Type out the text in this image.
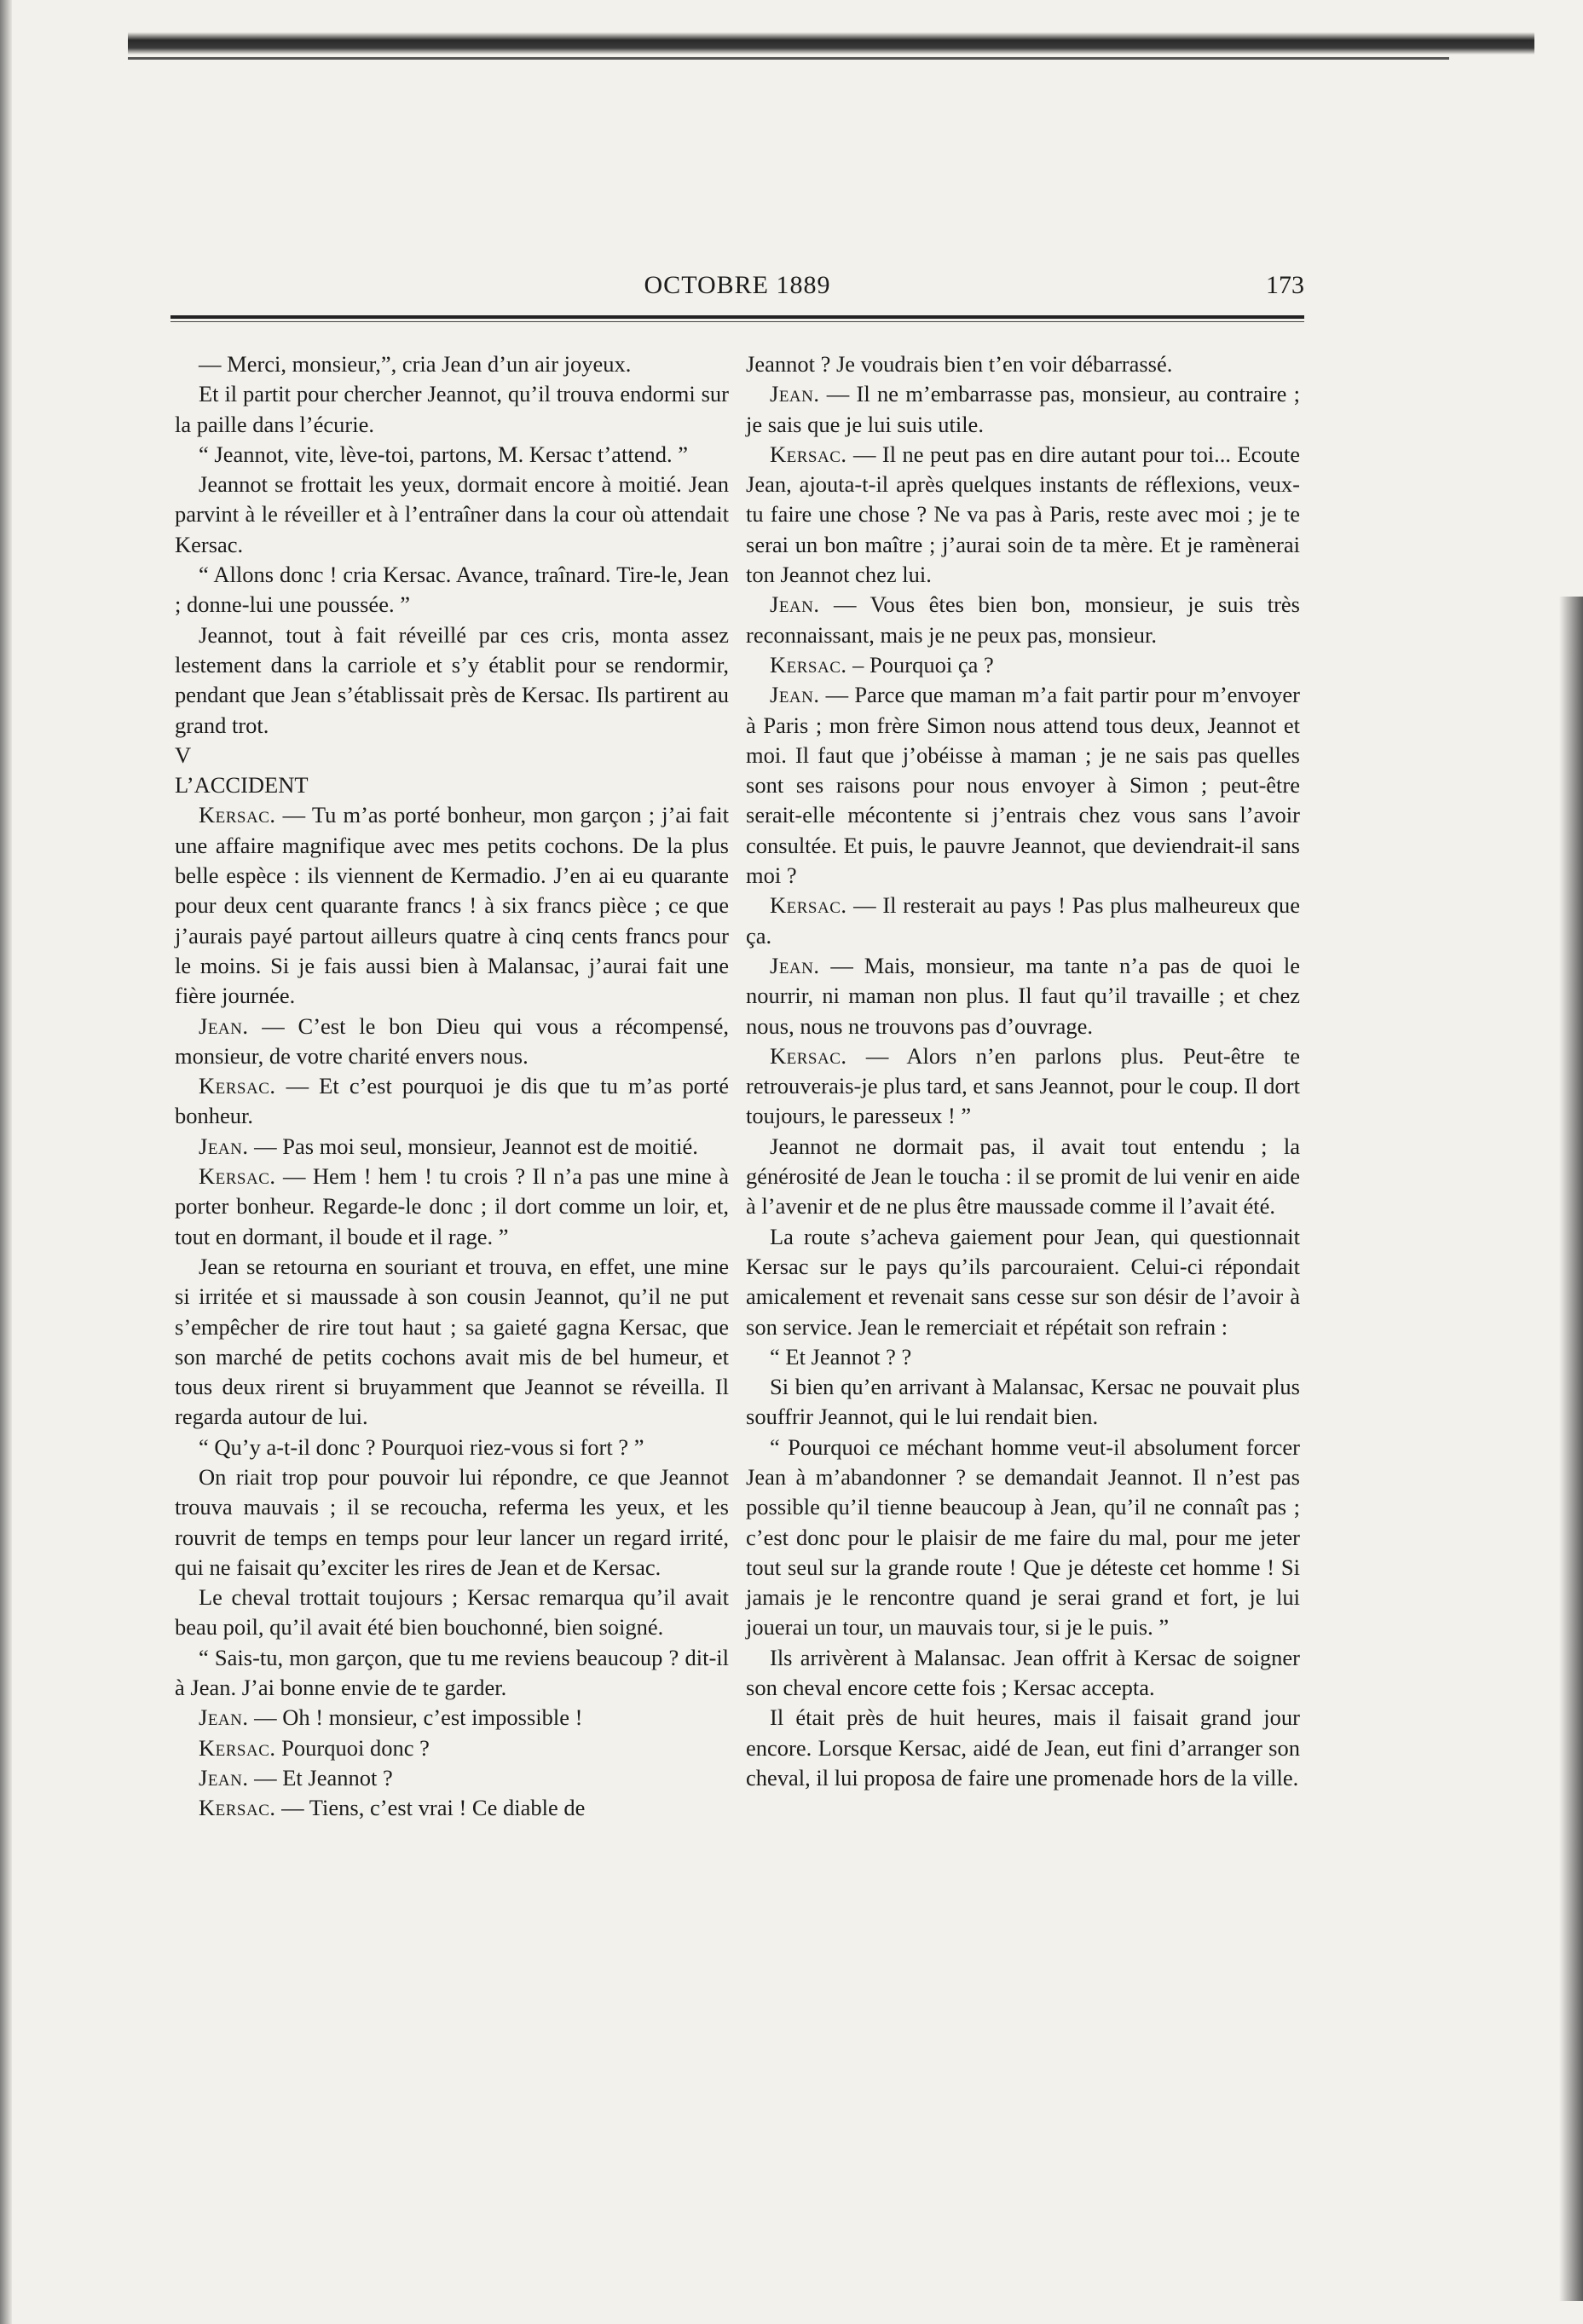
OCTOBRE 1889	173

— Merci, monsieur,”, cria Jean d’un air joyeux.

Et il partit pour chercher Jeannot, qu’il trouva endormi sur la paille dans l’écurie.

“ Jeannot, vite, lève-toi, partons, M. Kersac t’attend. ”

Jeannot se frottait les yeux, dormait encore à moitié. Jean parvint à le réveiller et à l’entraîner dans la cour où attendait Kersac.

“ Allons donc ! cria Kersac. Avance, traînard. Tire-le, Jean ; donne-lui une poussée. ”

Jeannot, tout à fait réveillé par ces cris, monta assez lestement dans la carriole et s’y établit pour se rendormir, pendant que Jean s’établissait près de Kersac. Ils partirent au grand trot.

V

L’ACCIDENT

Kersac. — Tu m’as porté bonheur, mon garçon ; j’ai fait une affaire magnifique avec mes petits cochons. De la plus belle espèce : ils viennent de Kermadio. J’en ai eu quarante pour deux cent quarante francs ! à six francs pièce ; ce que j’aurais payé partout ailleurs quatre à cinq cents francs pour le moins. Si je fais aussi bien à Malansac, j’aurai fait une fière journée.

Jean. — C’est le bon Dieu qui vous a récompensé, monsieur, de votre charité envers nous.

Kersac. — Et c’est pourquoi je dis que tu m’as porté bonheur.

Jean. — Pas moi seul, monsieur, Jeannot est de moitié.

Kersac. — Hem ! hem ! tu crois ? Il n’a pas une mine à porter bonheur. Regarde-le donc ; il dort comme un loir, et, tout en dormant, il boude et il rage. ”

Jean se retourna en souriant et trouva, en effet, une mine si irritée et si maussade à son cousin Jeannot, qu’il ne put s’empêcher de rire tout haut ; sa gaieté gagna Kersac, que son marché de petits cochons avait mis de bel humeur, et tous deux rirent si bruyamment que Jeannot se réveilla. Il regarda autour de lui.

“ Qu’y a-t-il donc ? Pourquoi riez-vous si fort ? ”

On riait trop pour pouvoir lui répondre, ce que Jeannot trouva mauvais ; il se recoucha, referma les yeux, et les rouvrit de temps en temps pour leur lancer un regard irrité, qui ne faisait qu’exciter les rires de Jean et de Kersac.

Le cheval trottait toujours ; Kersac remarqua qu’il avait beau poil, qu’il avait été bien bouchonné, bien soigné.

“ Sais-tu, mon garçon, que tu me reviens beaucoup ? dit-il à Jean. J’ai bonne envie de te garder.

Jean. — Oh ! monsieur, c’est impossible !

Kersac. Pourquoi donc ?

Jean. — Et Jeannot ?

Kersac. — Tiens, c’est vrai ! Ce diable de

Jeannot ? Je voudrais bien t’en voir débarrassé.

Jean. — Il ne m’embarrasse pas, monsieur, au contraire ; je sais que je lui suis utile.

Kersac. — Il ne peut pas en dire autant pour toi... Ecoute Jean, ajouta-t-il après quelques instants de réflexions, veux-tu faire une chose ? Ne va pas à Paris, reste avec moi ; je te serai un bon maître ; j’aurai soin de ta mère. Et je ramènerai ton Jeannot chez lui.

Jean. — Vous êtes bien bon, monsieur, je suis très reconnaissant, mais je ne peux pas, monsieur.

Kersac. – Pourquoi ça ?

Jean. — Parce que maman m’a fait partir pour m’envoyer à Paris ; mon frère Simon nous attend tous deux, Jeannot et moi. Il faut que j’obéisse à maman ; je ne sais pas quelles sont ses raisons pour nous envoyer à Simon ; peut-être serait-elle mécontente si j’entrais chez vous sans l’avoir consultée. Et puis, le pauvre Jeannot, que deviendrait-il sans moi ?

Kersac. — Il resterait au pays ! Pas plus malheureux que ça.

Jean. — Mais, monsieur, ma tante n’a pas de quoi le nourrir, ni maman non plus. Il faut qu’il travaille ; et chez nous, nous ne trouvons pas d’ouvrage.

Kersac. — Alors n’en parlons plus. Peut-être te retrouverais-je plus tard, et sans Jeannot, pour le coup. Il dort toujours, le paresseux ! ”

Jeannot ne dormait pas, il avait tout entendu ; la générosité de Jean le toucha : il se promit de lui venir en aide à l’avenir et de ne plus être maussade comme il l’avait été.

La route s’acheva gaiement pour Jean, qui questionnait Kersac sur le pays qu’ils parcouraient. Celui-ci répondait amicalement et revenait sans cesse sur son désir de l’avoir à son service. Jean le remerciait et répétait son refrain :

“ Et Jeannot ? ?

Si bien qu’en arrivant à Malansac, Kersac ne pouvait plus souffrir Jeannot, qui le lui rendait bien.

“ Pourquoi ce méchant homme veut-il absolument forcer Jean à m’abandonner ? se demandait Jeannot. Il n’est pas possible qu’il tienne beaucoup à Jean, qu’il ne connaît pas ; c’est donc pour le plaisir de me faire du mal, pour me jeter tout seul sur la grande route ! Que je déteste cet homme ! Si jamais je le rencontre quand je serai grand et fort, je lui jouerai un tour, un mauvais tour, si je le puis. ”

Ils arrivèrent à Malansac. Jean offrit à Kersac de soigner son cheval encore cette fois ; Kersac accepta.

Il était près de huit heures, mais il faisait grand jour encore. Lorsque Kersac, aidé de Jean, eut fini d’arranger son cheval, il lui proposa de faire une promenade hors de la ville.
